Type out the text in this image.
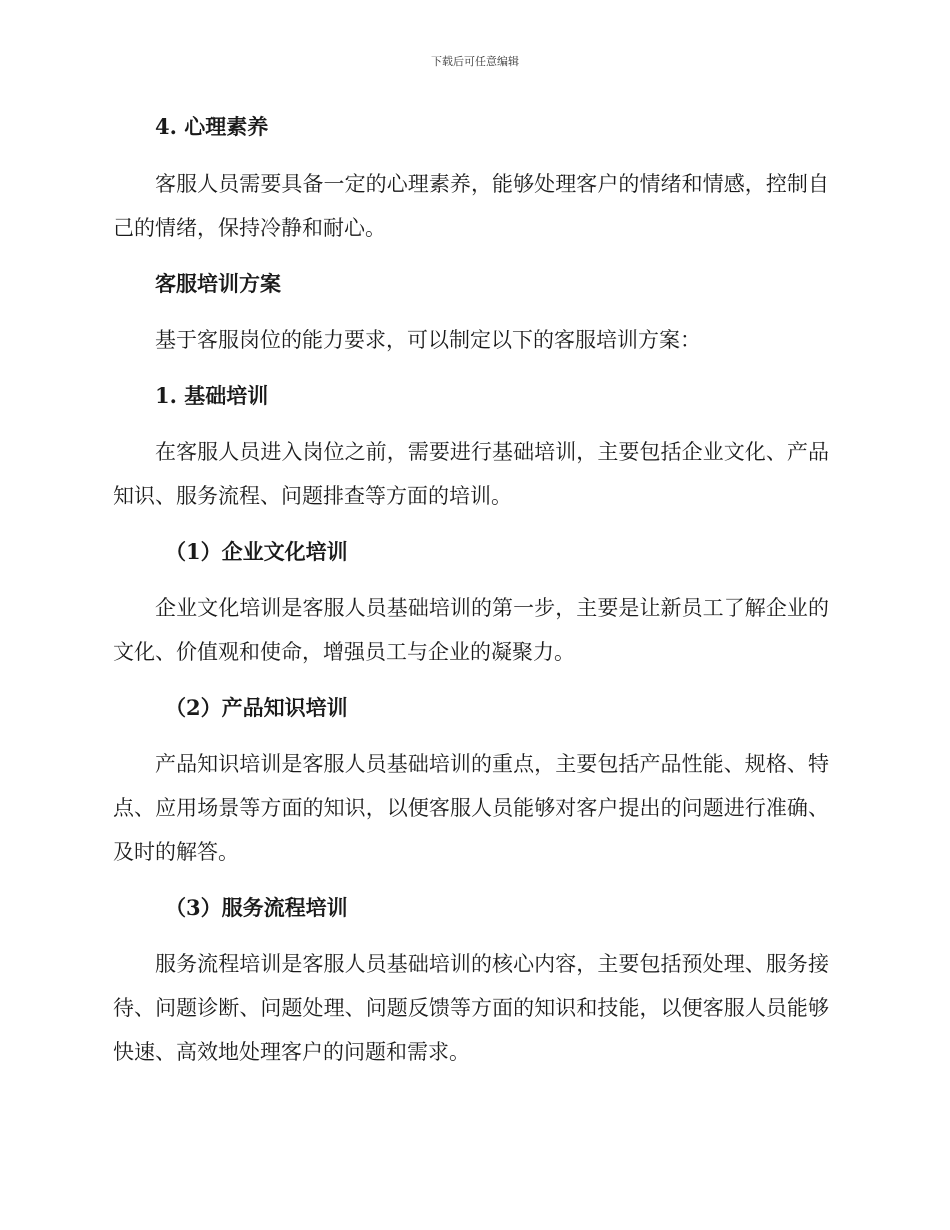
下载后可任意编辑
4. 心理素养
客服人员需要具备一定的心理素养，能够处理客户的情绪和情感，控制自己的情绪，保持冷静和耐心。
客服培训方案
基于客服岗位的能力要求，可以制定以下的客服培训方案：
1. 基础培训
在客服人员进入岗位之前，需要进行基础培训，主要包括企业文化、产品知识、服务流程、问题排查等方面的培训。
（1）企业文化培训
企业文化培训是客服人员基础培训的第一步，主要是让新员工了解企业的文化、价值观和使命，增强员工与企业的凝聚力。
（2）产品知识培训
产品知识培训是客服人员基础培训的重点，主要包括产品性能、规格、特点、应用场景等方面的知识，以便客服人员能够对客户提出的问题进行准确、及时的解答。
（3）服务流程培训
服务流程培训是客服人员基础培训的核心内容，主要包括预处理、服务接待、问题诊断、问题处理、问题反馈等方面的知识和技能，以便客服人员能够快速、高效地处理客户的问题和需求。
